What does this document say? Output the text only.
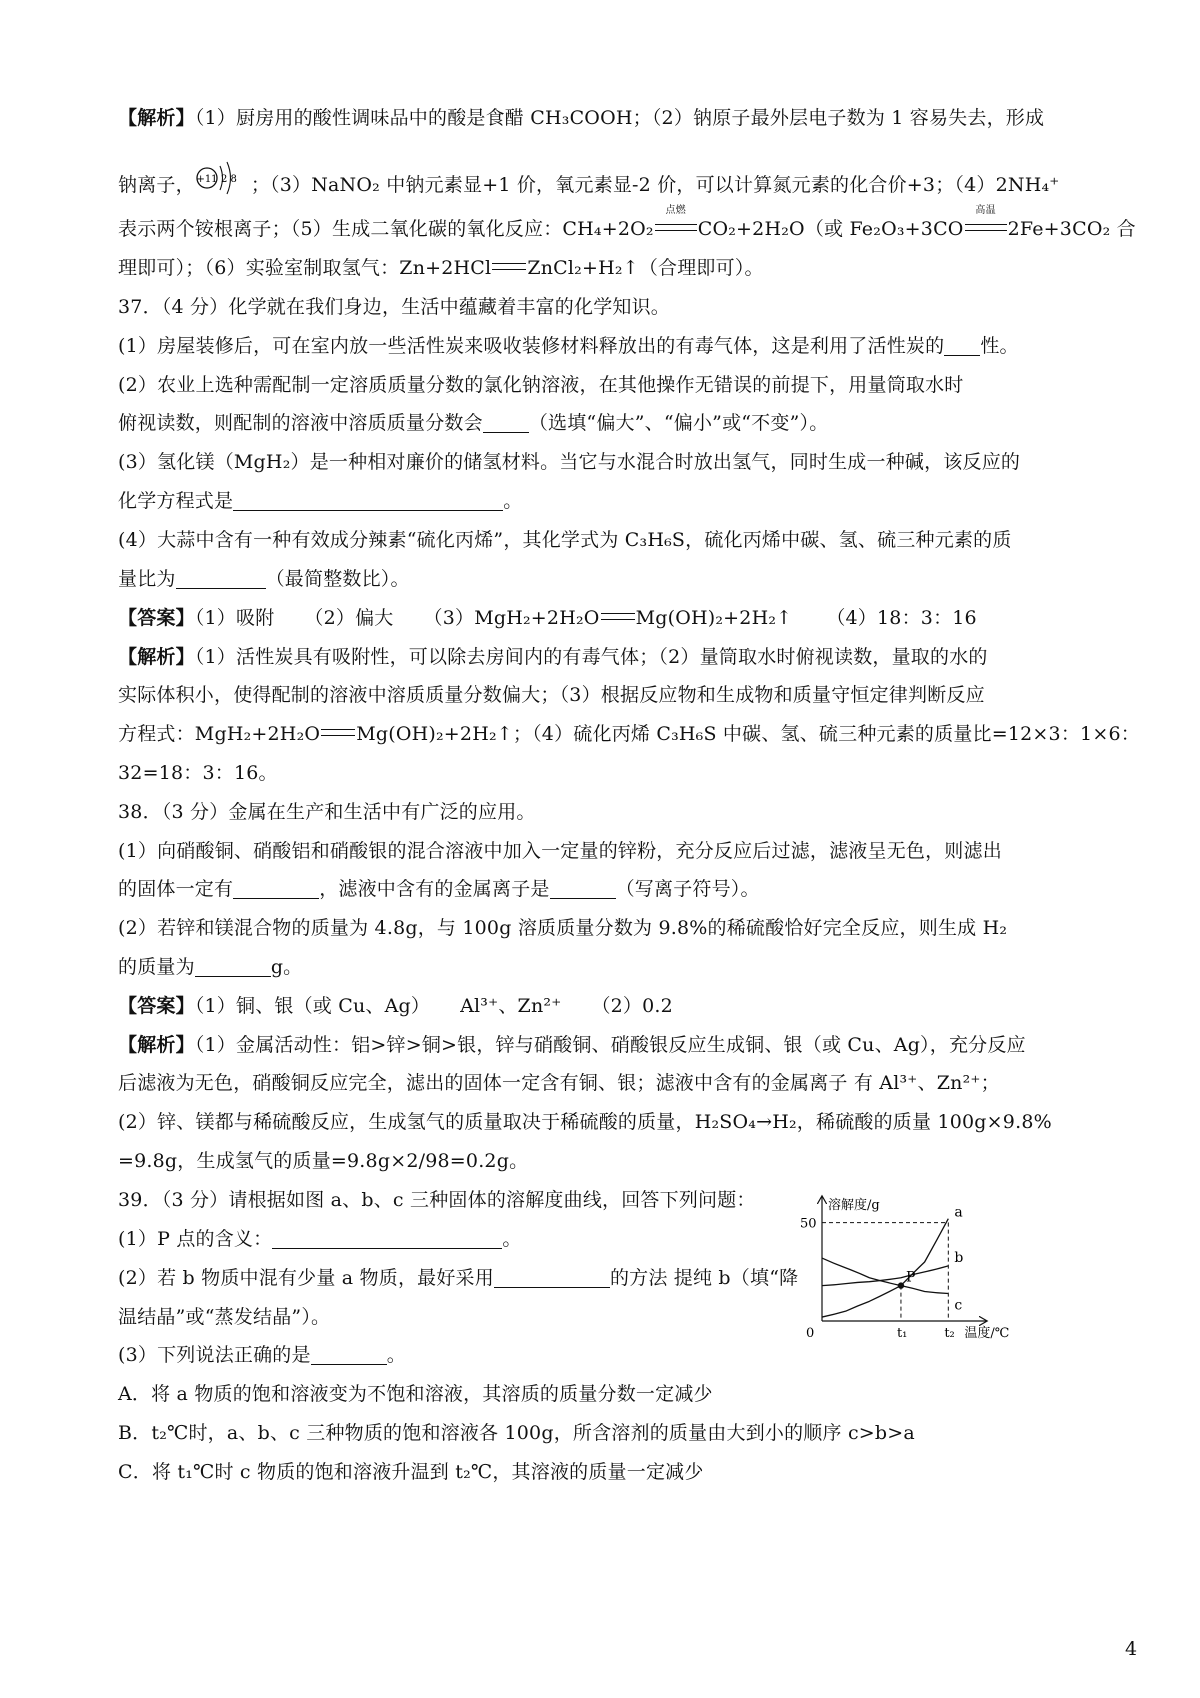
【解析】（1）厨房用的酸性调味品中的酸是食醋 CH₃COOH；（2）钠原子最外层电子数为 1 容易失去，形成
+11 2 8
钠离子，	；（3）NaNO₂ 中钠元素显+1 价，氧元素显-2 价，可以计算氮元素的化合价+3；（4）2NH₄⁺
表示两个铵根离子；（5）生成二氧化碳的氧化反应：CH₄+2O₂
点燃
CO₂+2H₂O（或 Fe₂O₃+3CO
高温
2Fe+3CO₂ 合
理即可）；（6）实验室制取氢气：Zn+2HCl ZnCl₂+H₂↑（合理即可）。
37．（4 分）化学就在我们身边，生活中蕴藏着丰富的化学知识。
(1）房屋装修后，可在室内放一些活性炭来吸收装修材料释放出的有毒气体，这是利用了活性炭的 性。
(2）农业上选种需配制一定溶质质量分数的氯化钠溶液，在其他操作无错误的前提下，用量筒取水时
俯视读数，则配制的溶液中溶质质量分数会 （选填“偏大”、“偏小”或“不变”）。
(3）氢化镁（MgH₂）是一种相对廉价的储氢材料。当它与水混合时放出氢气，同时生成一种碱，该反应的
化学方程式是	。
(4）大蒜中含有一种有效成分辣素“硫化丙烯”，其化学式为 C₃H₆S，硫化丙烯中碳、氢、硫三种元素的质
量比为	（最简整数比）。
【答案】（1）吸附 （2）偏大 （3）MgH₂+2H₂O Mg(OH)₂+2H₂↑ （4）18：3：16
【解析】（1）活性炭具有吸附性，可以除去房间内的有毒气体；（2）量筒取水时俯视读数，量取的水的
实际体积小，使得配制的溶液中溶质质量分数偏大；（3）根据反应物和生成物和质量守恒定律判断反应
方程式：MgH₂+2H₂O Mg(OH)₂+2H₂↑；（4）硫化丙烯 C₃H₆S 中碳、氢、硫三种元素的质量比=12×3：1×6：
32=18：3：16。
38．（3 分）金属在生产和生活中有广泛的应用。
(1）向硝酸铜、硝酸铝和硝酸银的混合溶液中加入一定量的锌粉，充分反应后过滤，滤液呈无色，则滤出
的固体一定有	，滤液中含有的金属离子是	（写离子符号）。
(2）若锌和镁混合物的质量为 4.8g，与 100g 溶质质量分数为 9.8%的稀硫酸恰好完全反应，则生成 H₂
的质量为	g。
【答案】（1）铜、银（或 Cu、Ag） Al³⁺、Zn²⁺ （2）0.2
【解析】（1）金属活动性：铝>锌>铜>银，锌与硝酸铜、硝酸银反应生成铜、银（或 Cu、Ag），充分反应
后滤液为无色，硝酸铜反应完全，滤出的固体一定含有铜、银；滤液中含有的金属离子 有 Al³⁺、Zn²⁺；
(2）锌、镁都与稀硫酸反应，生成氢气的质量取决于稀硫酸的质量，H₂SO₄→H₂，稀硫酸的质量 100g×9.8%
=9.8g，生成氢气的质量=9.8g×2/98=0.2g。
39．（3 分）请根据如图 a、b、c 三种固体的溶解度曲线，回答下列问题：
(1）P 点的含义：	。
(2）若 b 物质中混有少量 a 物质，最好采用	的方法 提纯 b（填“降
温结晶”或“蒸发结晶”）。
(3）下列说法正确的是	。
A．将 a 物质的饱和溶液变为不饱和溶液，其溶质的质量分数一定减少
B．t₂℃时，a、b、c 三种物质的饱和溶液各 100g，所含溶剂的质量由大到小的顺序 c>b>a
C．将 t₁℃时 c 物质的饱和溶液升温到 t₂℃，其溶液的质量一定减少
a
b
c
P
溶解度/g
50
0	t₁	t₂ 温度/℃
4
